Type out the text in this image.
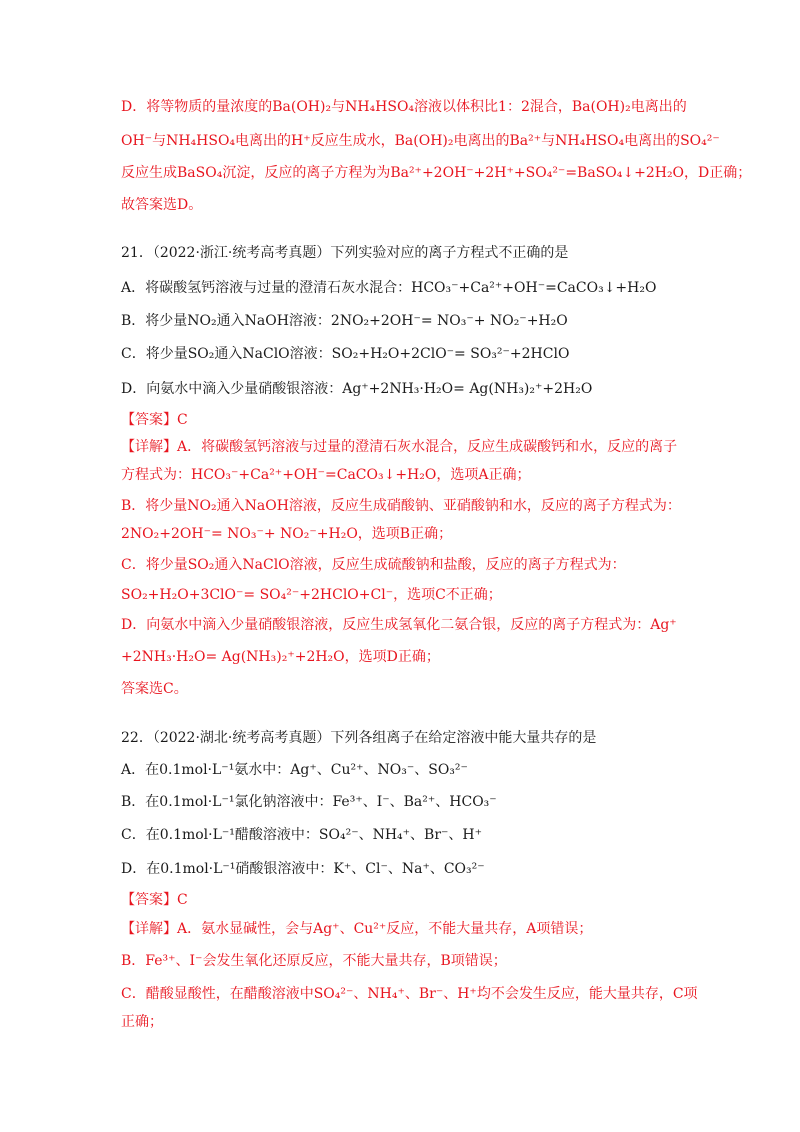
D．将等物质的量浓度的Ba(OH)₂与NH₄HSO₄溶液以体积比1：2混合，Ba(OH)₂电离出的
OH⁻与NH₄HSO₄电离出的H⁺反应生成水，Ba(OH)₂电离出的Ba²⁺与NH₄HSO₄电离出的SO₄²⁻
反应生成BaSO₄沉淀，反应的离子方程为为Ba²⁺+2OH⁻+2H⁺+SO₄²⁻=BaSO₄↓+2H₂O，D正确；
故答案选D。
21．（2022·浙江·统考高考真题）下列实验对应的离子方程式不正确的是
A．将碳酸氢钙溶液与过量的澄清石灰水混合：HCO₃⁻+Ca²⁺+OH⁻=CaCO₃↓+H₂O
B．将少量NO₂通入NaOH溶液：2NO₂+2OH⁻= NO₃⁻+ NO₂⁻+H₂O
C．将少量SO₂通入NaClO溶液：SO₂+H₂O+2ClO⁻= SO₃²⁻+2HClO
D．向氨水中滴入少量硝酸银溶液：Ag⁺+2NH₃·H₂O= Ag(NH₃)₂⁺+2H₂O
【答案】C
【详解】A．将碳酸氢钙溶液与过量的澄清石灰水混合，反应生成碳酸钙和水，反应的离子
方程式为：HCO₃⁻+Ca²⁺+OH⁻=CaCO₃↓+H₂O，选项A正确；
B．将少量NO₂通入NaOH溶液，反应生成硝酸钠、亚硝酸钠和水，反应的离子方程式为：
2NO₂+2OH⁻= NO₃⁻+ NO₂⁻+H₂O，选项B正确；
C．将少量SO₂通入NaClO溶液，反应生成硫酸钠和盐酸，反应的离子方程式为：
SO₂+H₂O+3ClO⁻= SO₄²⁻+2HClO+Cl⁻，选项C不正确；
D．向氨水中滴入少量硝酸银溶液，反应生成氢氧化二氨合银，反应的离子方程式为：Ag⁺
+2NH₃·H₂O= Ag(NH₃)₂⁺+2H₂O，选项D正确；
答案选C。
22．（2022·湖北·统考高考真题）下列各组离子在给定溶液中能大量共存的是
A．在0.1mol·L⁻¹氨水中：Ag⁺、Cu²⁺、NO₃⁻、SO₃²⁻
B．在0.1mol·L⁻¹氯化钠溶液中：Fe³⁺、I⁻、Ba²⁺、HCO₃⁻
C．在0.1mol·L⁻¹醋酸溶液中：SO₄²⁻、NH₄⁺、Br⁻、H⁺
D．在0.1mol·L⁻¹硝酸银溶液中：K⁺、Cl⁻、Na⁺、CO₃²⁻
【答案】C
【详解】A．氨水显碱性，会与Ag⁺、Cu²⁺反应，不能大量共存，A项错误；
B．Fe³⁺、I⁻会发生氧化还原反应，不能大量共存，B项错误；
C．醋酸显酸性，在醋酸溶液中SO₄²⁻、NH₄⁺、Br⁻、H⁺均不会发生反应，能大量共存，C项
正确；
